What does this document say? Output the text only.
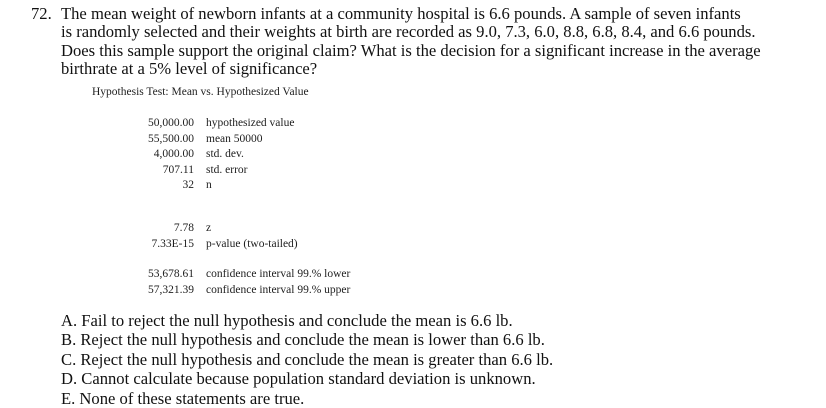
72. The mean weight of newborn infants at a community hospital is 6.6 pounds. A sample of seven infants
is randomly selected and their weights at birth are recorded as 9.0, 7.3, 6.0, 8.8, 6.8, 8.4, and 6.6 pounds.
Does this sample support the original claim? What is the decision for a significant increase in the average
birthrate at a 5% level of significance?
Hypothesis Test: Mean vs. Hypothesized Value
50,000.00 hypothesized value
55,500.00 mean 50000
4,000.00 std. dev.
707.11 std. error
32 n
7.78 z
7.33E-15 p-value (two-tailed)
53,678.61 confidence interval 99.% lower
57,321.39 confidence interval 99.% upper
A. Fail to reject the null hypothesis and conclude the mean is 6.6 lb.
B. Reject the null hypothesis and conclude the mean is lower than 6.6 lb.
C. Reject the null hypothesis and conclude the mean is greater than 6.6 lb.
D. Cannot calculate because population standard deviation is unknown.
E. None of these statements are true.
